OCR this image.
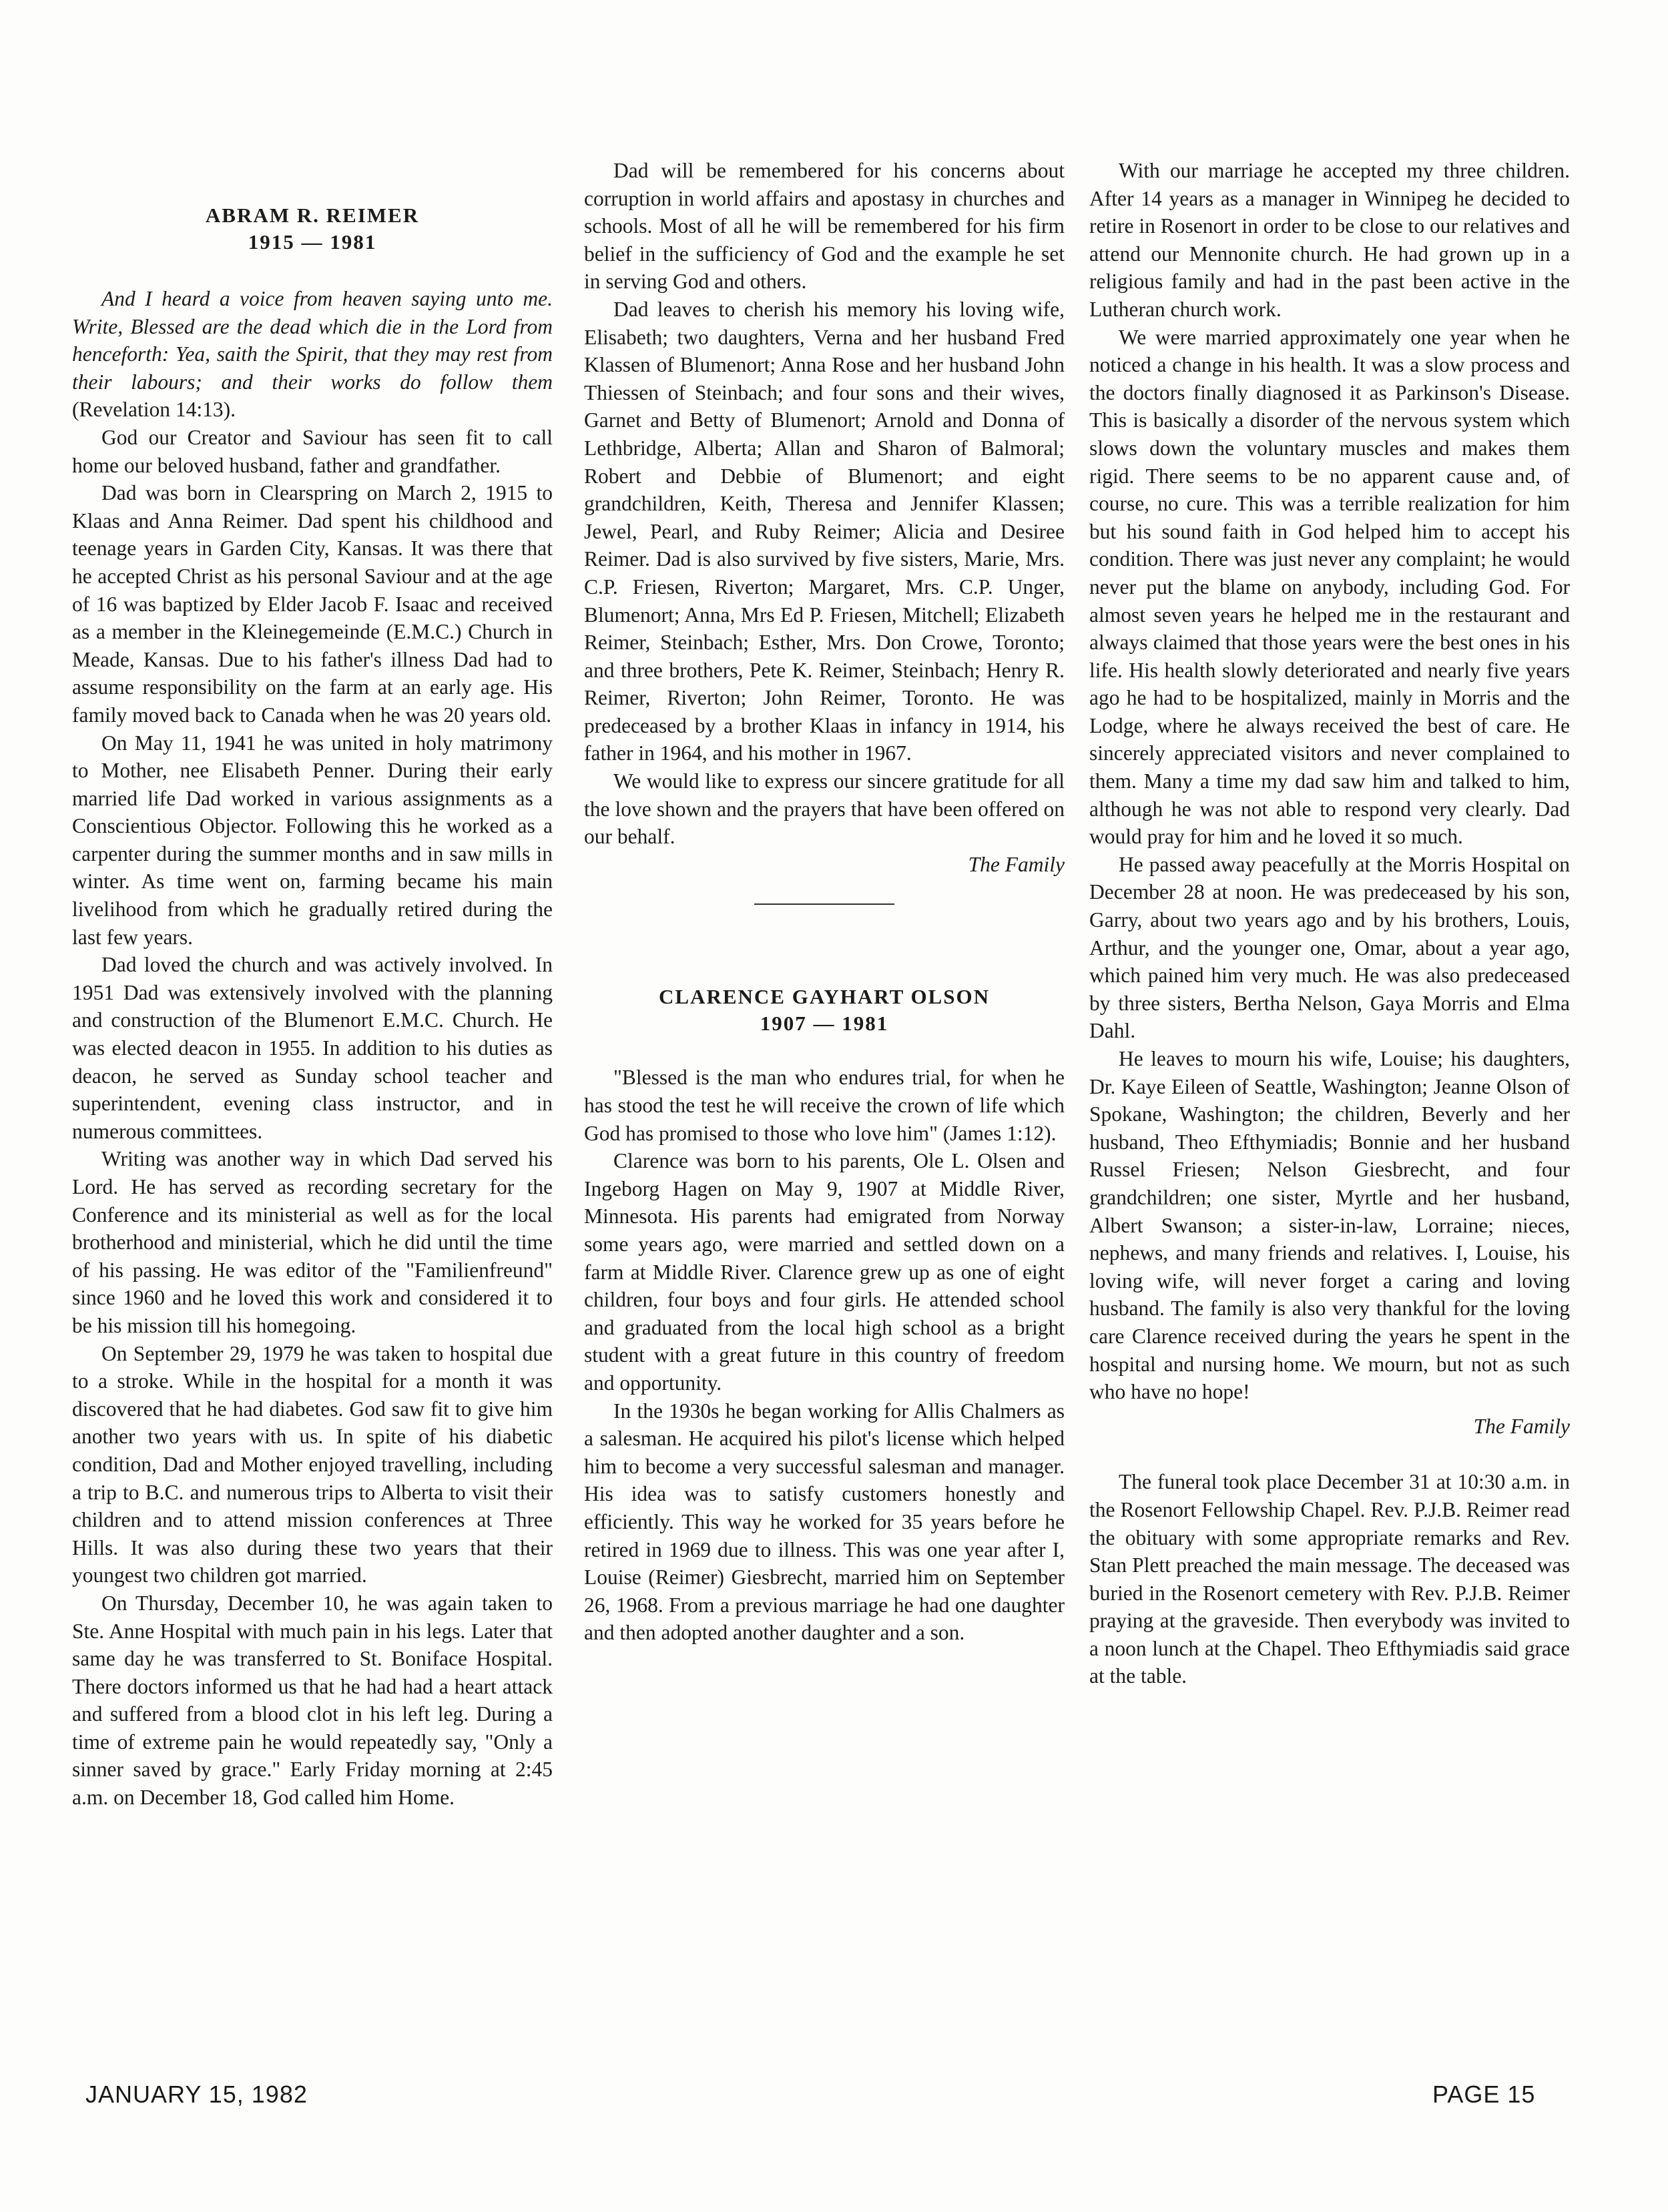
ABRAM R. REIMER
1915 — 1981

And I heard a voice from heaven saying unto me. Write, Blessed are the dead which die in the Lord from henceforth: Yea, saith the Spirit, that they may rest from their labours; and their works do follow them (Revelation 14:13).

God our Creator and Saviour has seen fit to call home our beloved husband, father and grandfather.

Dad was born in Clearspring on March 2, 1915 to Klaas and Anna Reimer. Dad spent his childhood and teenage years in Garden City, Kansas. It was there that he accepted Christ as his personal Saviour and at the age of 16 was baptized by Elder Jacob F. Isaac and received as a member in the Kleinegemeinde (E.M.C.) Church in Meade, Kansas. Due to his father's illness Dad had to assume responsibility on the farm at an early age. His family moved back to Canada when he was 20 years old.

On May 11, 1941 he was united in holy matrimony to Mother, nee Elisabeth Penner. During their early married life Dad worked in various assignments as a Conscientious Objector. Following this he worked as a carpenter during the summer months and in saw mills in winter. As time went on, farming became his main livelihood from which he gradually retired during the last few years.

Dad loved the church and was actively involved. In 1951 Dad was extensively involved with the planning and construction of the Blumenort E.M.C. Church. He was elected deacon in 1955. In addition to his duties as deacon, he served as Sunday school teacher and superintendent, evening class instructor, and in numerous committees.

Writing was another way in which Dad served his Lord. He has served as recording secretary for the Conference and its ministerial as well as for the local brotherhood and ministerial, which he did until the time of his passing. He was editor of the "Familienfreund" since 1960 and he loved this work and considered it to be his mission till his homegoing.

On September 29, 1979 he was taken to hospital due to a stroke. While in the hospital for a month it was discovered that he had diabetes. God saw fit to give him another two years with us. In spite of his diabetic condition, Dad and Mother enjoyed travelling, including a trip to B.C. and numerous trips to Alberta to visit their children and to attend mission conferences at Three Hills. It was also during these two years that their youngest two children got married.

On Thursday, December 10, he was again taken to Ste. Anne Hospital with much pain in his legs. Later that same day he was transferred to St. Boniface Hospital. There doctors informed us that he had had a heart attack and suffered from a blood clot in his left leg. During a time of extreme pain he would repeatedly say, "Only a sinner saved by grace." Early Friday morning at 2:45 a.m. on December 18, God called him Home.

Dad will be remembered for his concerns about corruption in world affairs and apostasy in churches and schools. Most of all he will be remembered for his firm belief in the sufficiency of God and the example he set in serving God and others.

Dad leaves to cherish his memory his loving wife, Elisabeth; two daughters, Verna and her husband Fred Klassen of Blumenort; Anna Rose and her husband John Thiessen of Steinbach; and four sons and their wives, Garnet and Betty of Blumenort; Arnold and Donna of Lethbridge, Alberta; Allan and Sharon of Balmoral; Robert and Debbie of Blumenort; and eight grandchildren, Keith, Theresa and Jennifer Klassen; Jewel, Pearl, and Ruby Reimer; Alicia and Desiree Reimer. Dad is also survived by five sisters, Marie, Mrs. C.P. Friesen, Riverton; Margaret, Mrs. C.P. Unger, Blumenort; Anna, Mrs Ed P. Friesen, Mitchell; Elizabeth Reimer, Steinbach; Esther, Mrs. Don Crowe, Toronto; and three brothers, Pete K. Reimer, Steinbach; Henry R. Reimer, Riverton; John Reimer, Toronto. He was predeceased by a brother Klaas in infancy in 1914, his father in 1964, and his mother in 1967.

We would like to express our sincere gratitude for all the love shown and the prayers that have been offered on our behalf.

The Family

CLARENCE GAYHART OLSON
1907 — 1981

"Blessed is the man who endures trial, for when he has stood the test he will receive the crown of life which God has promised to those who love him" (James 1:12).

Clarence was born to his parents, Ole L. Olsen and Ingeborg Hagen on May 9, 1907 at Middle River, Minnesota. His parents had emigrated from Norway some years ago, were married and settled down on a farm at Middle River. Clarence grew up as one of eight children, four boys and four girls. He attended school and graduated from the local high school as a bright student with a great future in this country of freedom and opportunity.

In the 1930s he began working for Allis Chalmers as a salesman. He acquired his pilot's license which helped him to become a very successful salesman and manager. His idea was to satisfy customers honestly and efficiently. This way he worked for 35 years before he retired in 1969 due to illness. This was one year after I, Louise (Reimer) Giesbrecht, married him on September 26, 1968. From a previous marriage he had one daughter and then adopted another daughter and a son.

With our marriage he accepted my three children. After 14 years as a manager in Winnipeg he decided to retire in Rosenort in order to be close to our relatives and attend our Mennonite church. He had grown up in a religious family and had in the past been active in the Lutheran church work.

We were married approximately one year when he noticed a change in his health. It was a slow process and the doctors finally diagnosed it as Parkinson's Disease. This is basically a disorder of the nervous system which slows down the voluntary muscles and makes them rigid. There seems to be no apparent cause and, of course, no cure. This was a terrible realization for him but his sound faith in God helped him to accept his condition. There was just never any complaint; he would never put the blame on anybody, including God. For almost seven years he helped me in the restaurant and always claimed that those years were the best ones in his life. His health slowly deteriorated and nearly five years ago he had to be hospitalized, mainly in Morris and the Lodge, where he always received the best of care. He sincerely appreciated visitors and never complained to them. Many a time my dad saw him and talked to him, although he was not able to respond very clearly. Dad would pray for him and he loved it so much.

He passed away peacefully at the Morris Hospital on December 28 at noon. He was predeceased by his son, Garry, about two years ago and by his brothers, Louis, Arthur, and the younger one, Omar, about a year ago, which pained him very much. He was also predeceased by three sisters, Bertha Nelson, Gaya Morris and Elma Dahl.

He leaves to mourn his wife, Louise; his daughters, Dr. Kaye Eileen of Seattle, Washington; Jeanne Olson of Spokane, Washington; the children, Beverly and her husband, Theo Efthymiadis; Bonnie and her husband Russel Friesen; Nelson Giesbrecht, and four grandchildren; one sister, Myrtle and her husband, Albert Swanson; a sister-in-law, Lorraine; nieces, nephews, and many friends and relatives. I, Louise, his loving wife, will never forget a caring and loving husband. The family is also very thankful for the loving care Clarence received during the years he spent in the hospital and nursing home. We mourn, but not as such who have no hope!

The Family

The funeral took place December 31 at 10:30 a.m. in the Rosenort Fellowship Chapel. Rev. P.J.B. Reimer read the obituary with some appropriate remarks and Rev. Stan Plett preached the main message. The deceased was buried in the Rosenort cemetery with Rev. P.J.B. Reimer praying at the graveside. Then everybody was invited to a noon lunch at the Chapel. Theo Efthymiadis said grace at the table.

JANUARY 15, 1982	PAGE 15
